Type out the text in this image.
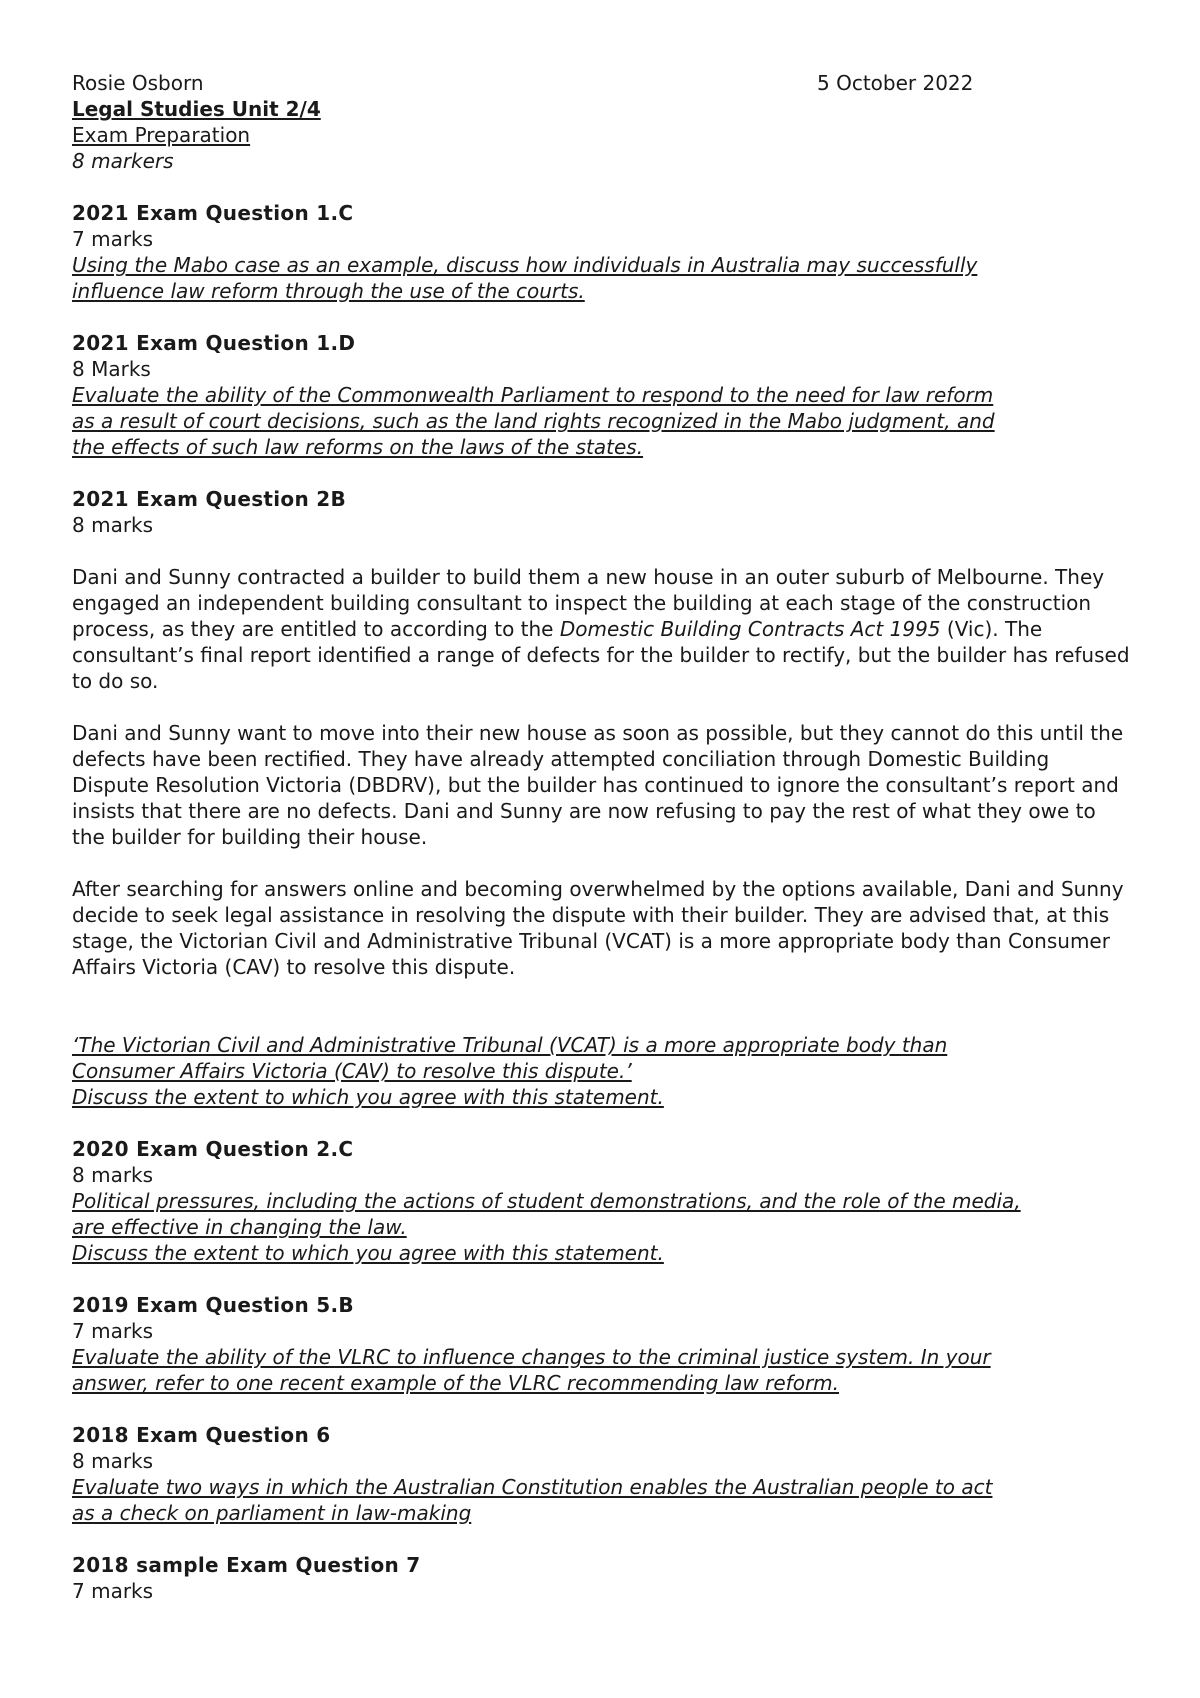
Rosie Osborn	5 October 2022
Legal Studies Unit 2/4
Exam Preparation
8 markers
2021 Exam Question 1.C
7 marks
Using the Mabo case as an example, discuss how individuals in Australia may successfully
influence law reform through the use of the courts.
2021 Exam Question 1.D
8 Marks
Evaluate the ability of the Commonwealth Parliament to respond to the need for law reform
as a result of court decisions, such as the land rights recognized in the Mabo judgment, and
the effects of such law reforms on the laws of the states.
2021 Exam Question 2B
8 marks

Dani and Sunny contracted a builder to build them a new house in an outer suburb of Melbourne. They engaged an independent building consultant to inspect the building at each stage of the construction process, as they are entitled to according to the Domestic Building Contracts Act 1995 (Vic). The consultant’s final report identified a range of defects for the builder to rectify, but the builder has refused to do so.

Dani and Sunny want to move into their new house as soon as possible, but they cannot do this until the defects have been rectified. They have already attempted conciliation through Domestic Building Dispute Resolution Victoria (DBDRV), but the builder has continued to ignore the consultant’s report and insists that there are no defects. Dani and Sunny are now refusing to pay the rest of what they owe to the builder for building their house.

After searching for answers online and becoming overwhelmed by the options available, Dani and Sunny decide to seek legal assistance in resolving the dispute with their builder. They are advised that, at this stage, the Victorian Civil and Administrative Tribunal (VCAT) is a more appropriate body than Consumer Affairs Victoria (CAV) to resolve this dispute.

‘The Victorian Civil and Administrative Tribunal (VCAT) is a more appropriate body than
Consumer Affairs Victoria (CAV) to resolve this dispute.’
Discuss the extent to which you agree with this statement.
2020 Exam Question 2.C
8 marks
Political pressures, including the actions of student demonstrations, and the role of the media,
are effective in changing the law.
Discuss the extent to which you agree with this statement.
2019 Exam Question 5.B
7 marks
Evaluate the ability of the VLRC to influence changes to the criminal justice system. In your
answer, refer to one recent example of the VLRC recommending law reform.
2018 Exam Question 6
8 marks
Evaluate two ways in which the Australian Constitution enables the Australian people to act
as a check on parliament in law-making
2018 sample Exam Question 7
7 marks
